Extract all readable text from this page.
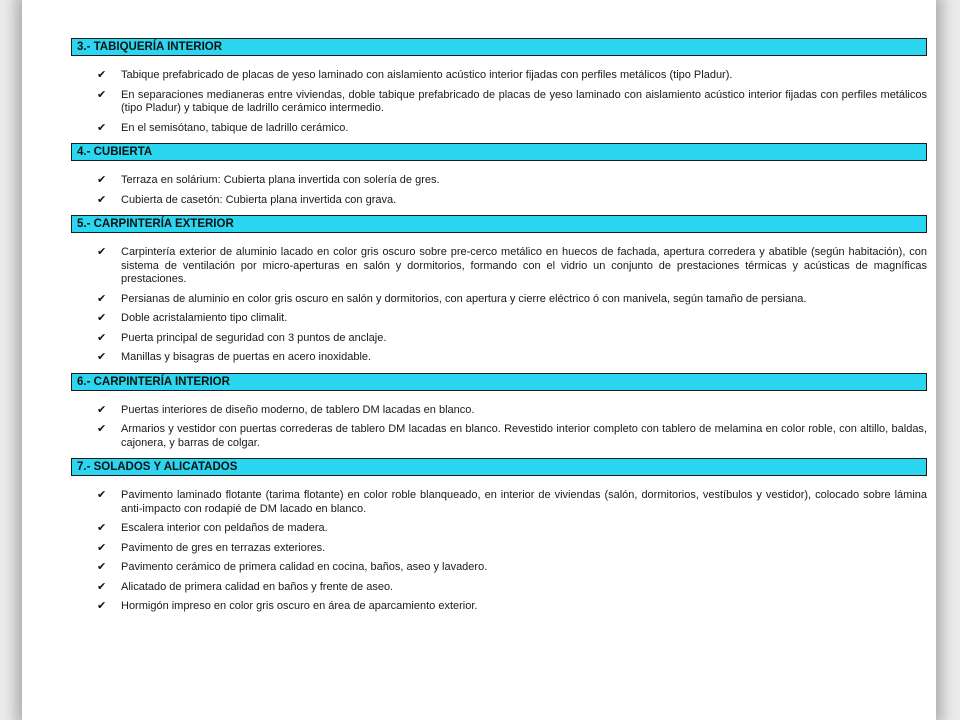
3.- TABIQUERÍA INTERIOR
✔ Tabique prefabricado de placas de yeso laminado con aislamiento acústico interior fijadas con perfiles metálicos (tipo Pladur).
✔ En separaciones medianeras entre viviendas, doble tabique prefabricado de placas de yeso laminado con aislamiento acústico interior fijadas con perfiles metálicos (tipo Pladur) y tabique de ladrillo cerámico intermedio.
✔ En el semisótano, tabique de ladrillo cerámico.
4.- CUBIERTA
✔ Terraza en solárium: Cubierta plana invertida con solería de gres.
✔ Cubierta de casetón: Cubierta plana invertida con grava.
5.- CARPINTERÍA EXTERIOR
✔ Carpintería exterior de aluminio lacado en color gris oscuro sobre pre-cerco metálico en huecos de fachada, apertura corredera y abatible (según habitación), con sistema de ventilación por micro-aperturas en salón y dormitorios, formando con el vidrio un conjunto de prestaciones térmicas y acústicas de magníficas prestaciones.
✔ Persianas de aluminio en color gris oscuro en salón y dormitorios, con apertura y cierre eléctrico ó con manivela, según tamaño de persiana.
✔ Doble acristalamiento tipo climalit.
✔ Puerta principal de seguridad con 3 puntos de anclaje.
✔ Manillas y bisagras de puertas en acero inoxidable.
6.- CARPINTERÍA INTERIOR
✔ Puertas interiores de diseño moderno, de tablero DM lacadas en blanco.
✔ Armarios y vestidor con puertas correderas de tablero DM lacadas en blanco. Revestido interior completo con tablero de melamina en color roble, con altillo, baldas, cajonera, y barras de colgar.
7.- SOLADOS Y ALICATADOS
✔ Pavimento laminado flotante (tarima flotante) en color roble blanqueado, en interior de viviendas (salón, dormitorios, vestíbulos y vestidor), colocado sobre lámina anti-impacto con rodapié de DM lacado en blanco.
✔ Escalera interior con peldaños de madera.
✔ Pavimento de gres en terrazas exteriores.
✔ Pavimento cerámico de primera calidad en cocina, baños, aseo y lavadero.
✔ Alicatado de primera calidad en baños y frente de aseo.
✔ Hormigón impreso en color gris oscuro en área de aparcamiento exterior.
